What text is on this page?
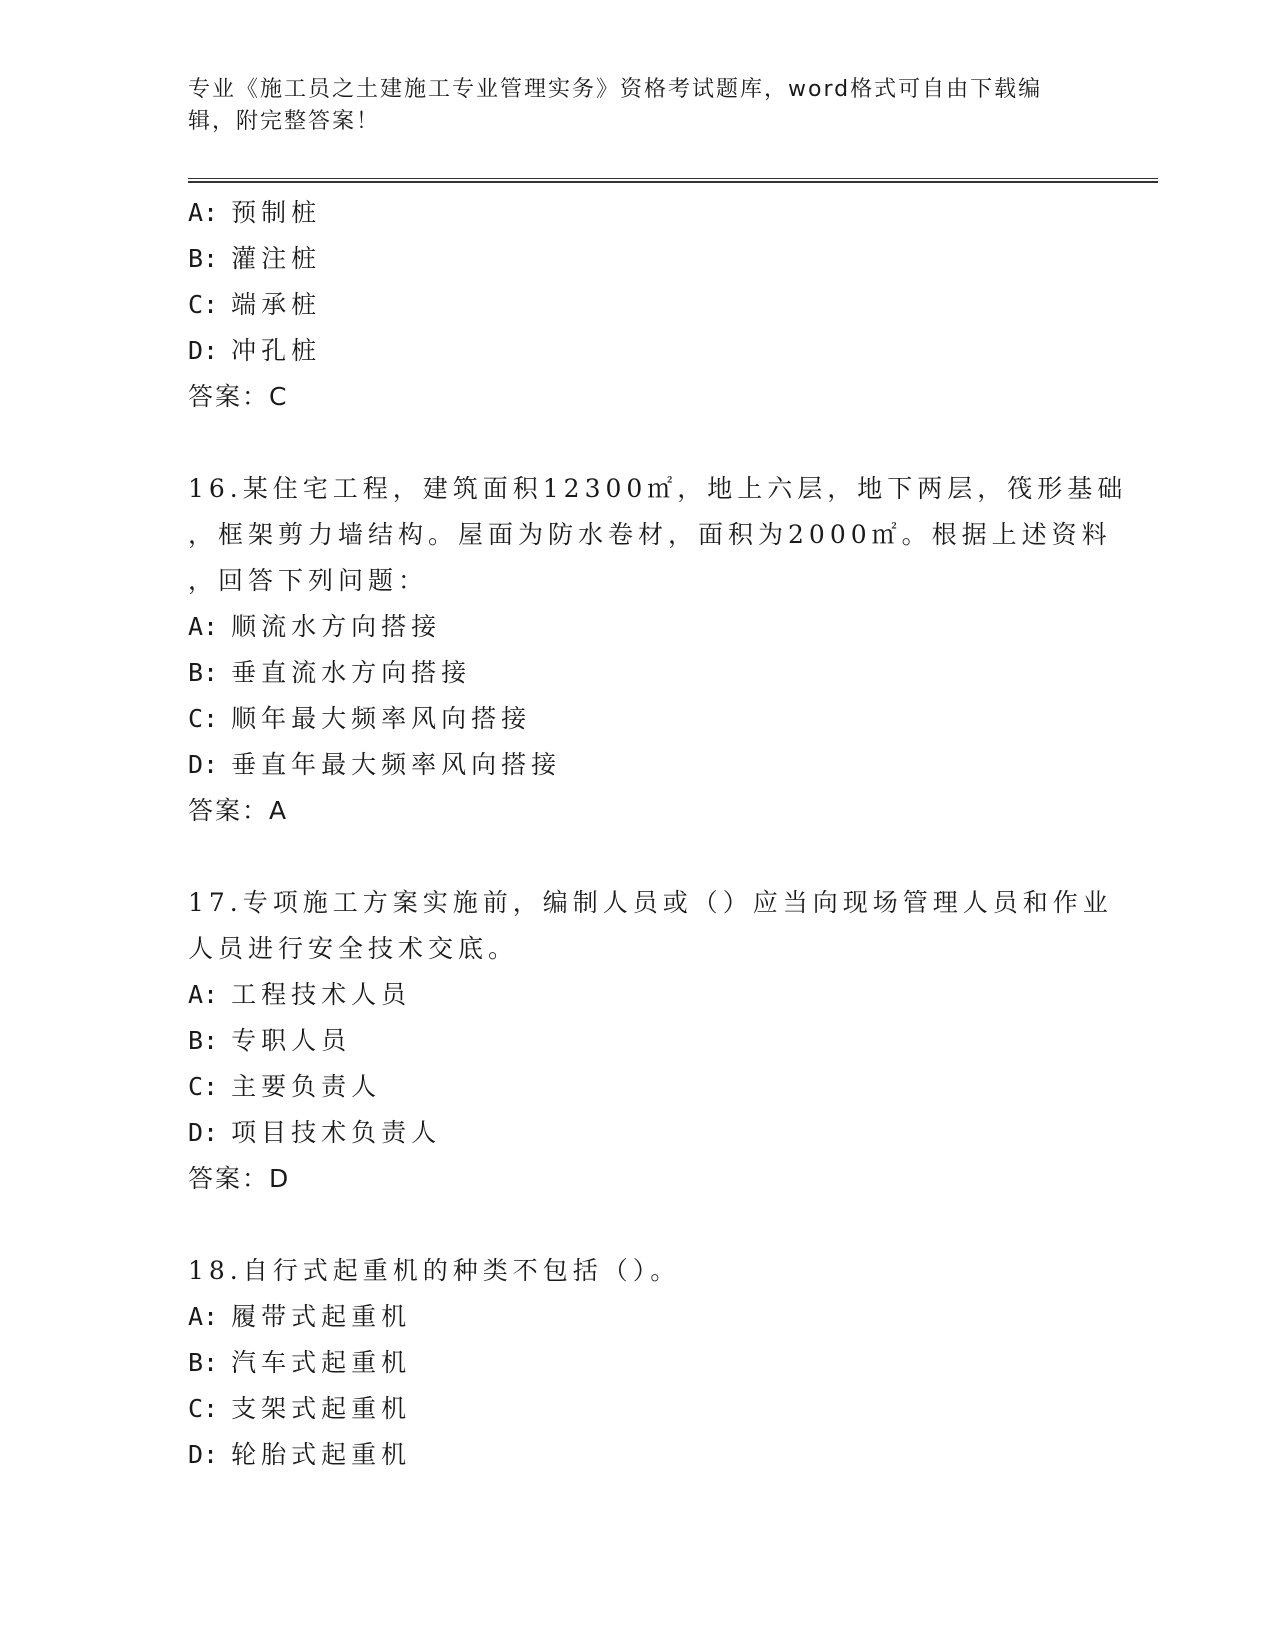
专业《施工员之土建施工专业管理实务》资格考试题库，word格式可自由下载编辑，附完整答案！
A: 预制桩
B: 灌注桩
C: 端承桩
D: 冲孔桩
答案：C
16.某住宅工程，建筑面积12300㎡，地上六层，地下两层，筏形基础
，框架剪力墙结构。屋面为防水卷材，面积为2000㎡。根据上述资料
，回答下列问题：
A: 顺流水方向搭接
B: 垂直流水方向搭接
C: 顺年最大频率风向搭接
D: 垂直年最大频率风向搭接
答案：A
17.专项施工方案实施前，编制人员或（）应当向现场管理人员和作业
人员进行安全技术交底。
A: 工程技术人员
B: 专职人员
C: 主要负责人
D: 项目技术负责人
答案：D
18.自行式起重机的种类不包括（）。
A: 履带式起重机
B: 汽车式起重机
C: 支架式起重机
D: 轮胎式起重机
